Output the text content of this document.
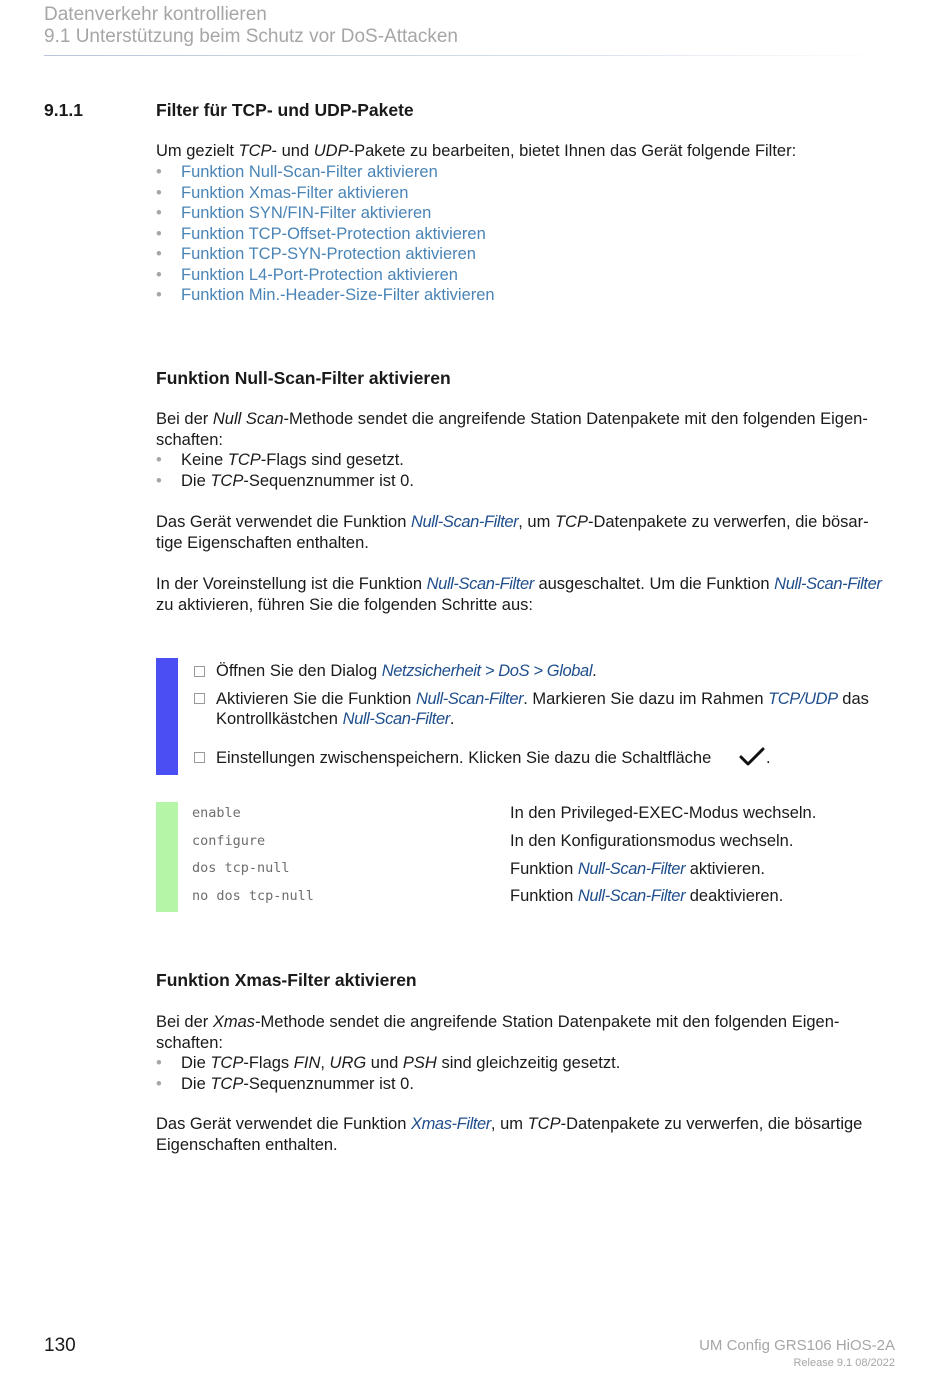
Datenverkehr kontrollieren
9.1 Unterstützung beim Schutz vor DoS-Attacken
9.1.1	Filter für TCP- und UDP-Pakete
Um gezielt TCP- und UDP-Pakete zu bearbeiten, bietet Ihnen das Gerät folgende Filter:
• Funktion Null-Scan-Filter aktivieren
• Funktion Xmas-Filter aktivieren
• Funktion SYN/FIN-Filter aktivieren
• Funktion TCP-Offset-Protection aktivieren
• Funktion TCP-SYN-Protection aktivieren
• Funktion L4-Port-Protection aktivieren
• Funktion Min.-Header-Size-Filter aktivieren
Funktion Null-Scan-Filter aktivieren
Bei der Null Scan-Methode sendet die angreifende Station Datenpakete mit den folgenden Eigen-
schaften:
• Keine TCP-Flags sind gesetzt.
• Die TCP-Sequenznummer ist 0.
Das Gerät verwendet die Funktion Null-Scan-Filter, um TCP-Datenpakete zu verwerfen, die bösar-
tige Eigenschaften enthalten.
In der Voreinstellung ist die Funktion Null-Scan-Filter ausgeschaltet. Um die Funktion Null-Scan-Filter
zu aktivieren, führen Sie die folgenden Schritte aus:
Öffnen Sie den Dialog Netzsicherheit > DoS > Global.
Aktivieren Sie die Funktion Null-Scan-Filter. Markieren Sie dazu im Rahmen TCP/UDP das
Kontrollkästchen Null-Scan-Filter.
Einstellungen zwischenspeichern. Klicken Sie dazu die Schaltfläche	.
enable	In den Privileged-EXEC-Modus wechseln.
configure	In den Konfigurationsmodus wechseln.
dos tcp-null	Funktion Null-Scan-Filter aktivieren.
no dos tcp-null	Funktion Null-Scan-Filter deaktivieren.
Funktion Xmas-Filter aktivieren
Bei der Xmas-Methode sendet die angreifende Station Datenpakete mit den folgenden Eigen-
schaften:
• Die TCP-Flags FIN, URG und PSH sind gleichzeitig gesetzt.
• Die TCP-Sequenznummer ist 0.
Das Gerät verwendet die Funktion Xmas-Filter, um TCP-Datenpakete zu verwerfen, die bösartige
Eigenschaften enthalten.
130	UM Config GRS106 HiOS-2A
Release 9.1 08/2022
